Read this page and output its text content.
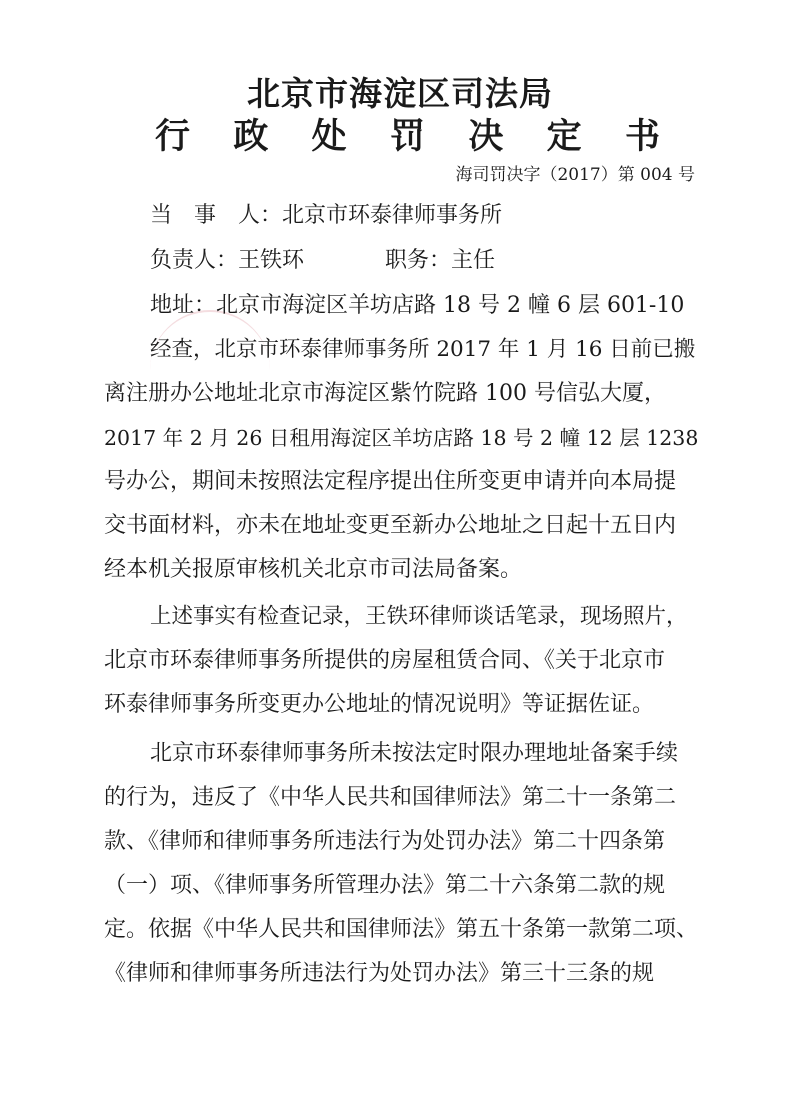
北京市海淀区司法局
行 政 处 罚 决 定 书
海司罚决字（2017）第 004 号
当　事　人：北京市环泰律师事务所
负责人：王铁环	职务：主任
地址：北京市海淀区羊坊店路 18 号 2 幢 6 层 601-10
经查，北京市环泰律师事务所 2017 年 1 月 16 日前已搬
离注册办公地址北京市海淀区紫竹院路 100 号信弘大厦，
2017 年 2 月 26 日租用海淀区羊坊店路 18 号 2 幢 12 层 1238
号办公，期间未按照法定程序提出住所变更申请并向本局提
交书面材料，亦未在地址变更至新办公地址之日起十五日内
经本机关报原审核机关北京市司法局备案。
上述事实有检查记录，王铁环律师谈话笔录，现场照片，
北京市环泰律师事务所提供的房屋租赁合同、《关于北京市
环泰律师事务所变更办公地址的情况说明》等证据佐证。
北京市环泰律师事务所未按法定时限办理地址备案手续
的行为，违反了《中华人民共和国律师法》第二十一条第二
款、《律师和律师事务所违法行为处罚办法》第二十四条第
（一）项、《律师事务所管理办法》第二十六条第二款的规
定。依据《中华人民共和国律师法》第五十条第一款第二项、
《律师和律师事务所违法行为处罚办法》第三十三条的规
